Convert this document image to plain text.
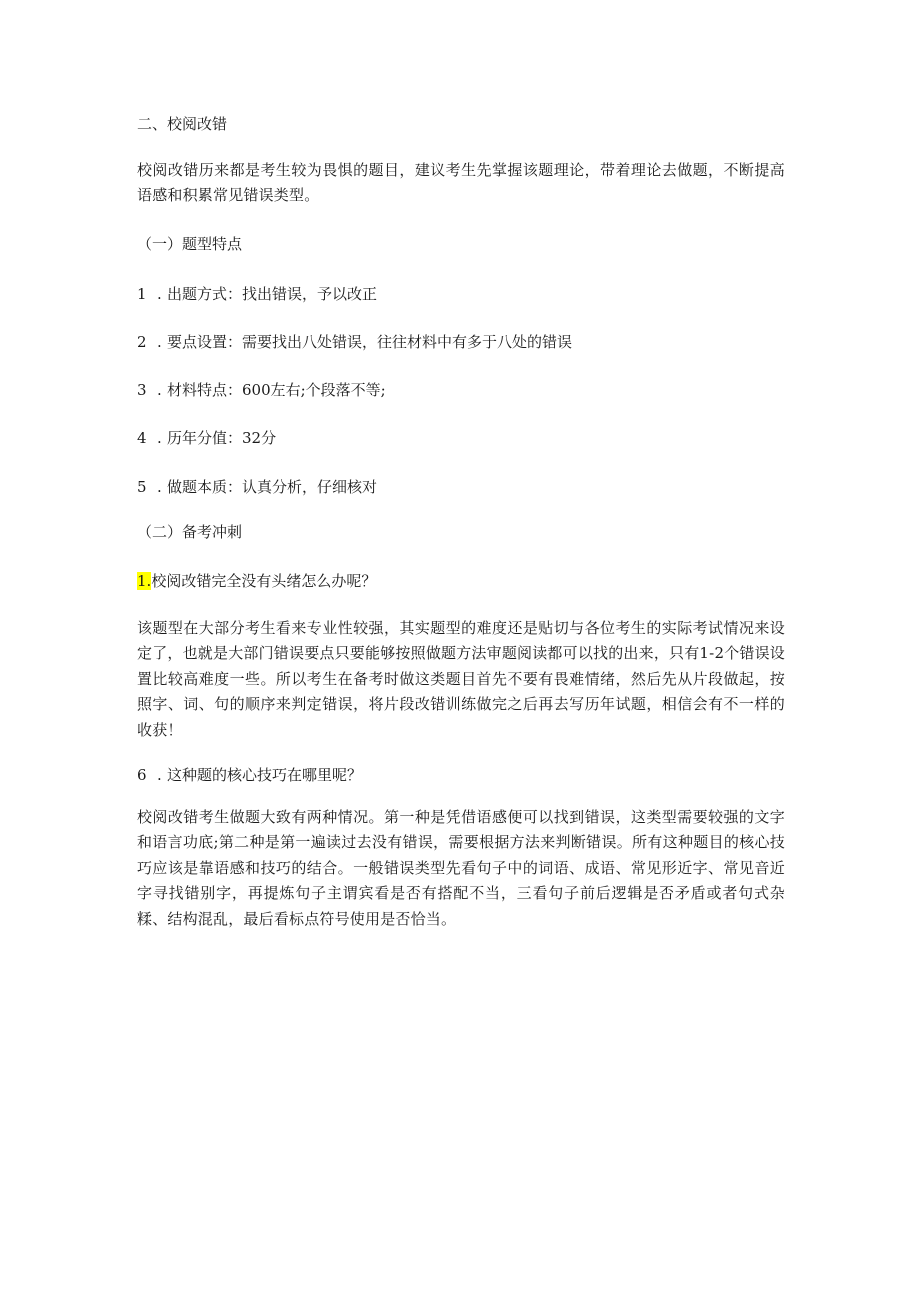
二、校阅改错
校阅改错历来都是考生较为畏惧的题目，建议考生先掌握该题理论，带着理论去做题，不断提高语感和积累常见错误类型。
（一）题型特点
1 . 出题方式：找出错误，予以改正
2 . 要点设置：需要找出八处错误，往往材料中有多于八处的错误
3 . 材料特点：600左右;个段落不等;
4 . 历年分值：32分
5 . 做题本质：认真分析，仔细核对
（二）备考冲刺
1.校阅改错完全没有头绪怎么办呢？
该题型在大部分考生看来专业性较强，其实题型的难度还是贴切与各位考生的实际考试情况来设定了，也就是大部门错误要点只要能够按照做题方法审题阅读都可以找的出来，只有1-2个错误设置比较高难度一些。所以考生在备考时做这类题目首先不要有畏难情绪，然后先从片段做起，按照字、词、句的顺序来判定错误，将片段改错训练做完之后再去写历年试题，相信会有不一样的收获！
6 . 这种题的核心技巧在哪里呢？
校阅改错考生做题大致有两种情况。第一种是凭借语感便可以找到错误，这类型需要较强的文字和语言功底;第二种是第一遍读过去没有错误，需要根据方法来判断错误。所有这种题目的核心技巧应该是靠语感和技巧的结合。一般错误类型先看句子中的词语、成语、常见形近字、常见音近字寻找错别字，再提炼句子主谓宾看是否有搭配不当，三看句子前后逻辑是否矛盾或者句式杂糅、结构混乱，最后看标点符号使用是否恰当。
